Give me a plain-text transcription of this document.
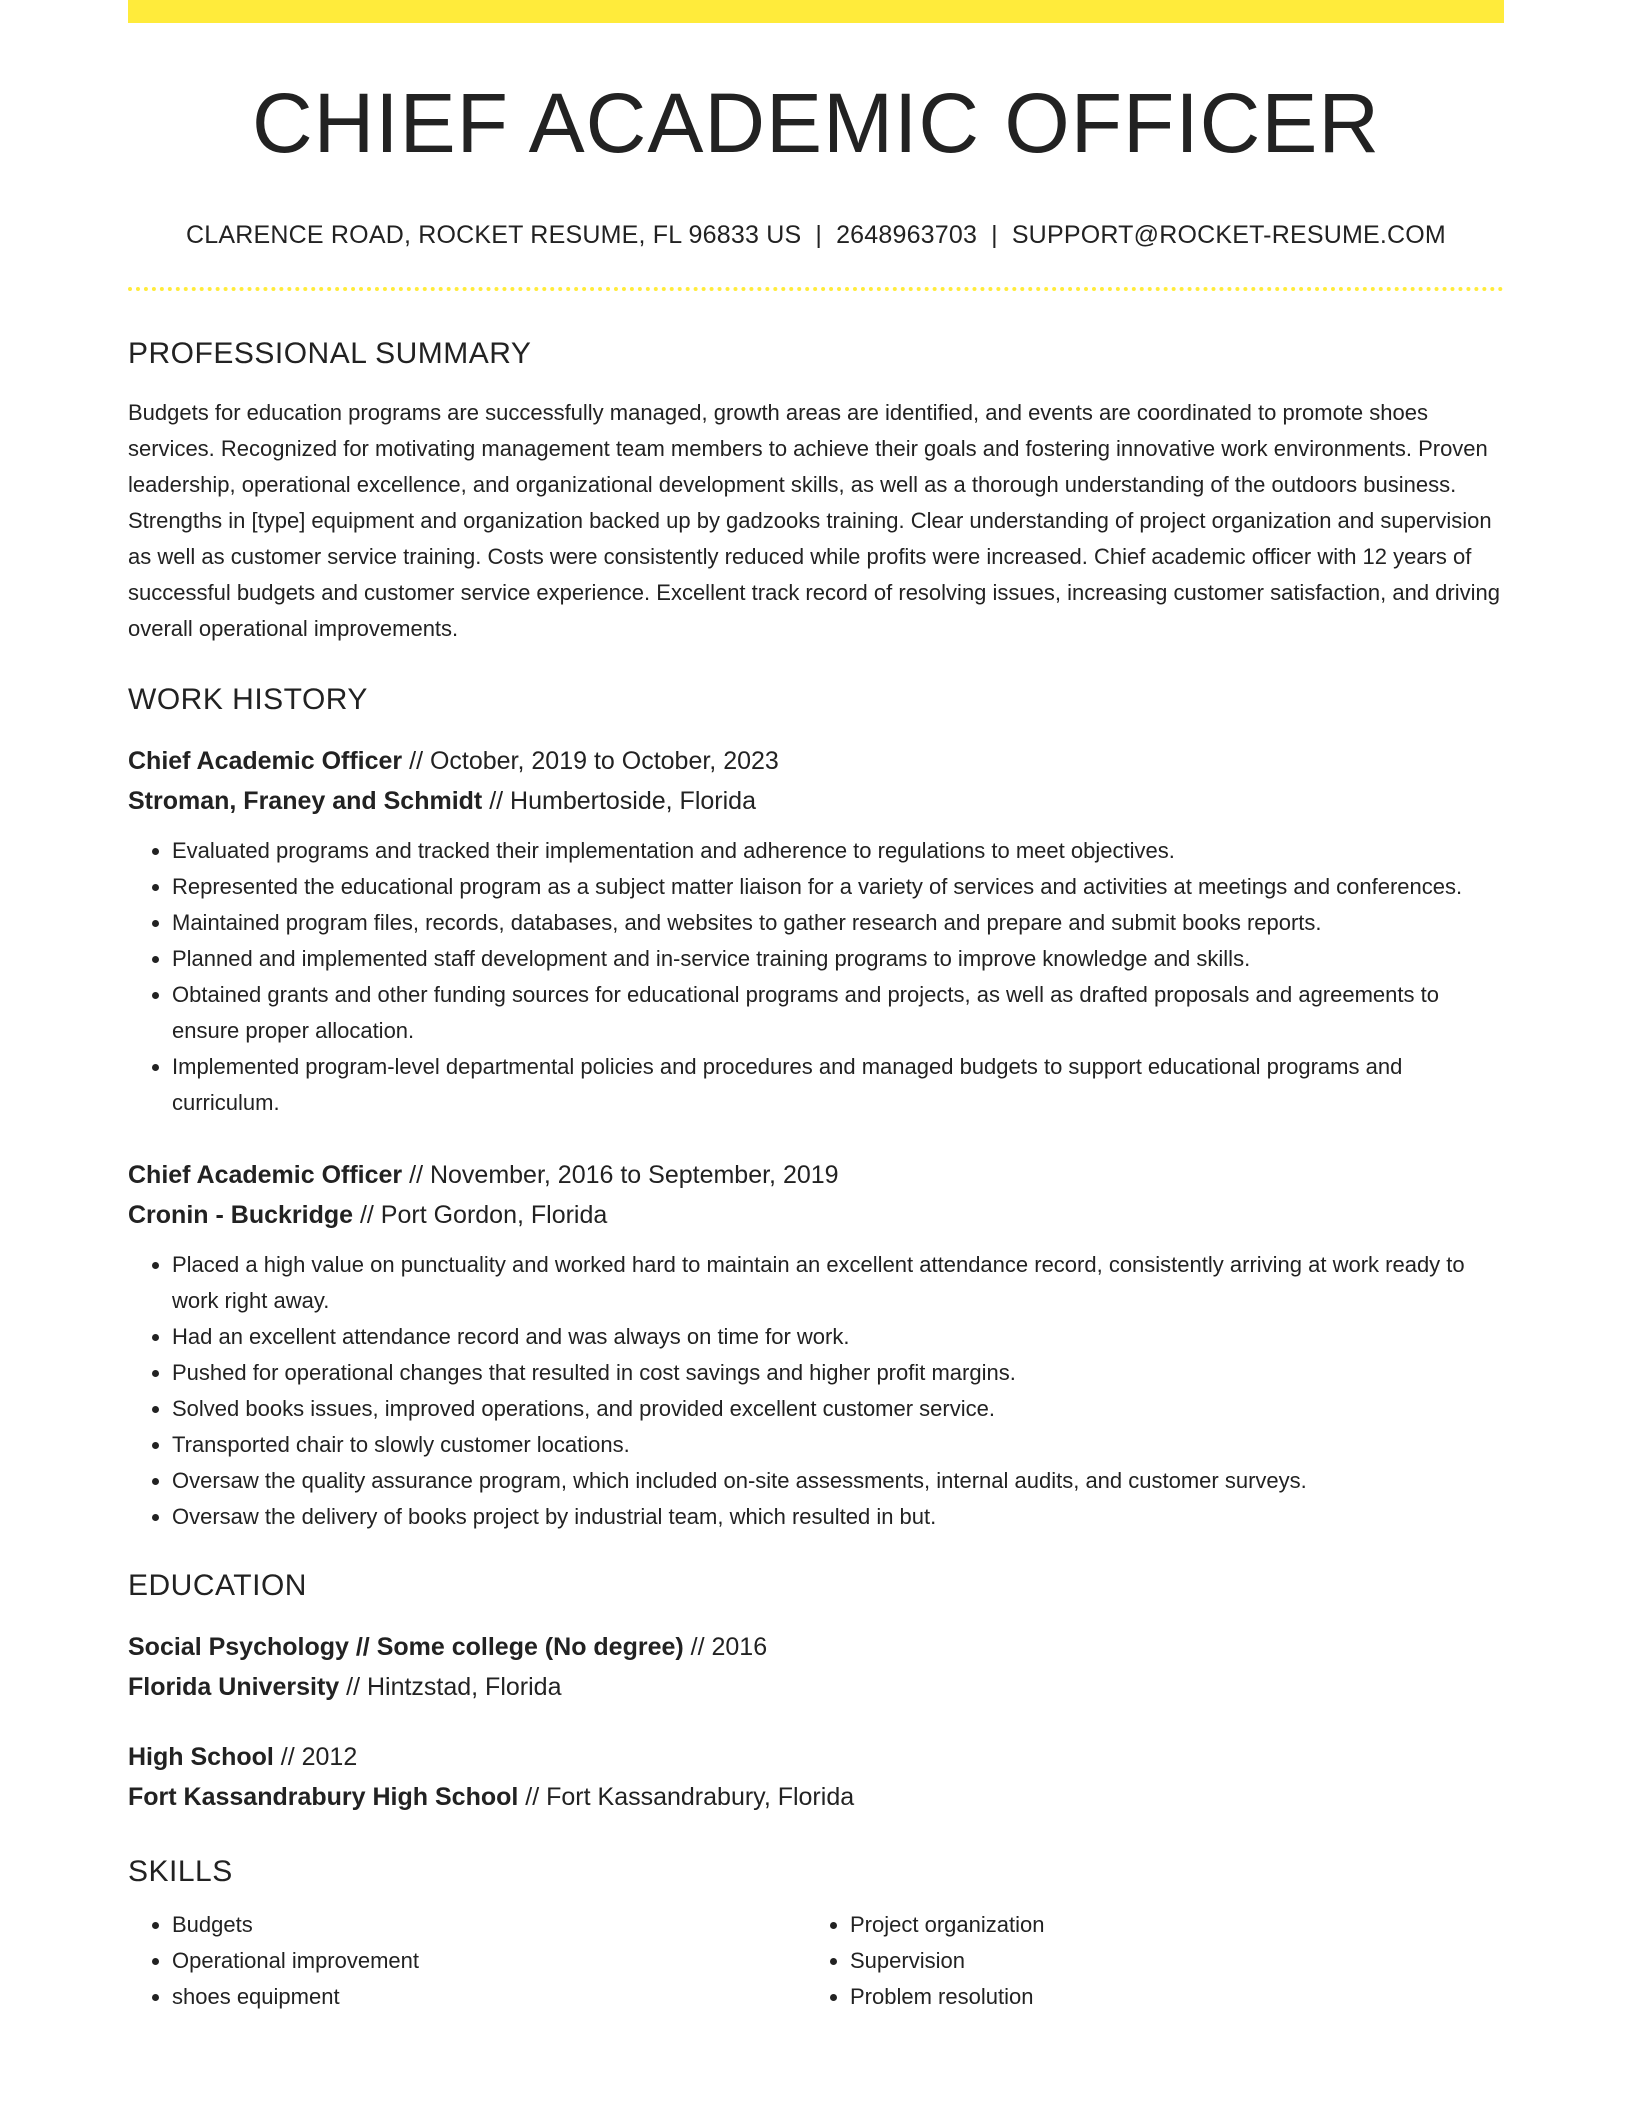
CHIEF ACADEMIC OFFICER
CLARENCE ROAD, ROCKET RESUME, FL 96833 US | 2648963703 | SUPPORT@ROCKET-RESUME.COM
PROFESSIONAL SUMMARY

Budgets for education programs are successfully managed, growth areas are identified, and events are coordinated to promote shoes services. Recognized for motivating management team members to achieve their goals and fostering innovative work environments. Proven leadership, operational excellence, and organizational development skills, as well as a thorough understanding of the outdoors business. Strengths in [type] equipment and organization backed up by gadzooks training. Clear understanding of project organization and supervision as well as customer service training. Costs were consistently reduced while profits were increased. Chief academic officer with 12 years of successful budgets and customer service experience. Excellent track record of resolving issues, increasing customer satisfaction, and driving overall operational improvements.

WORK HISTORY
Chief Academic Officer // October, 2019 to October, 2023
Stroman, Franey and Schmidt // Humbertoside, Florida
• Evaluated programs and tracked their implementation and adherence to regulations to meet objectives.
• Represented the educational program as a subject matter liaison for a variety of services and activities at meetings and conferences.
• Maintained program files, records, databases, and websites to gather research and prepare and submit books reports.
• Planned and implemented staff development and in-service training programs to improve knowledge and skills.
• Obtained grants and other funding sources for educational programs and projects, as well as drafted proposals and agreements to ensure proper allocation.
• Implemented program-level departmental policies and procedures and managed budgets to support educational programs and curriculum.
Chief Academic Officer // November, 2016 to September, 2019
Cronin - Buckridge // Port Gordon, Florida
• Placed a high value on punctuality and worked hard to maintain an excellent attendance record, consistently arriving at work ready to work right away.
• Had an excellent attendance record and was always on time for work.
• Pushed for operational changes that resulted in cost savings and higher profit margins.
• Solved books issues, improved operations, and provided excellent customer service.
• Transported chair to slowly customer locations.
• Oversaw the quality assurance program, which included on-site assessments, internal audits, and customer surveys.
• Oversaw the delivery of books project by industrial team, which resulted in but.
EDUCATION
Social Psychology // Some college (No degree) // 2016
Florida University // Hintzstad, Florida
High School // 2012
Fort Kassandrabury High School // Fort Kassandrabury, Florida
SKILLS
• Budgets
• Operational improvement
• shoes equipment
• Project organization
• Supervision
• Problem resolution
